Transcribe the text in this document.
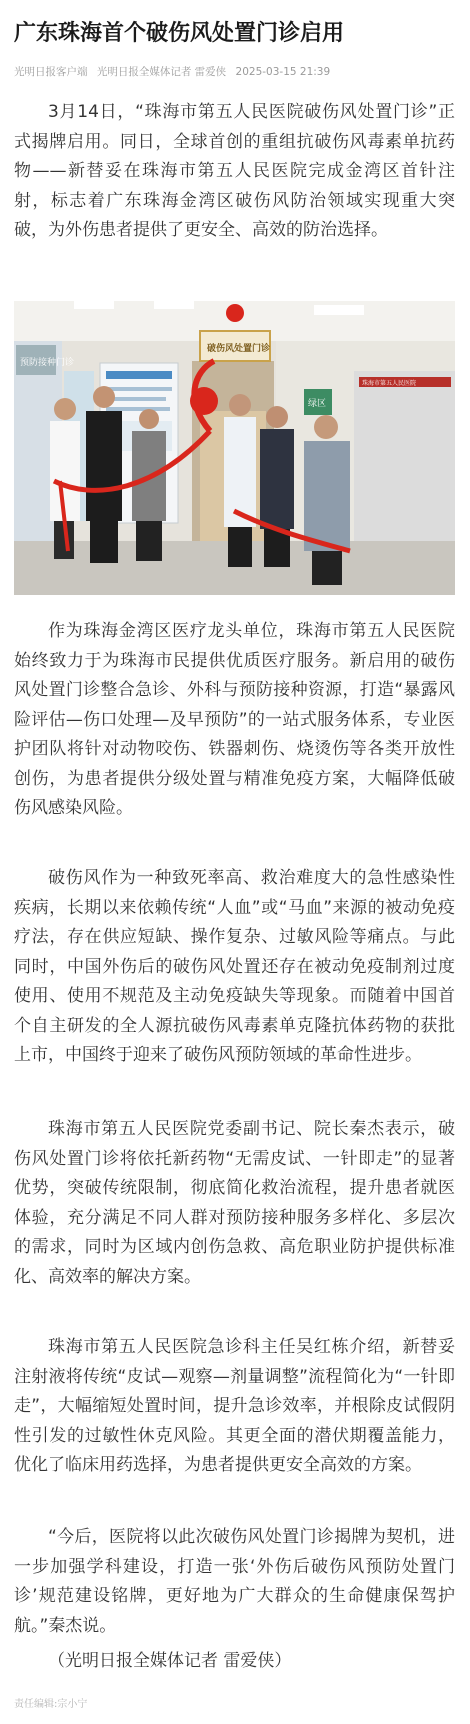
广东珠海首个破伤风处置门诊启用
光明日报客户端 光明日报全媒体记者 雷爱侠 2025-03-15 21:39

3月14日，“珠海市第五人民医院破伤风处置门诊”正式揭牌启用。同日，全球首创的重组抗破伤风毒素单抗药物——新替妥在珠海市第五人民医院完成金湾区首针注射，标志着广东珠海金湾区破伤风防治领域实现重大突破，为外伤患者提供了更安全、高效的防治选择。

预防接种门诊
破伤风处置门诊
绿区
珠海市第五人民医院

作为珠海金湾区医疗龙头单位，珠海市第五人民医院始终致力于为珠海市民提供优质医疗服务。新启用的破伤风处置门诊整合急诊、外科与预防接种资源，打造“暴露风险评估—伤口处理—及早预防”的一站式服务体系，专业医护团队将针对动物咬伤、铁器刺伤、烧烫伤等各类开放性创伤，为患者提供分级处置与精准免疫方案，大幅降低破伤风感染风险。

破伤风作为一种致死率高、救治难度大的急性感染性疾病，长期以来依赖传统“人血”或“马血”来源的被动免疫疗法，存在供应短缺、操作复杂、过敏风险等痛点。与此同时，中国外伤后的破伤风处置还存在被动免疫制剂过度使用、使用不规范及主动免疫缺失等现象。而随着中国首个自主研发的全人源抗破伤风毒素单克隆抗体药物的获批上市，中国终于迎来了破伤风预防领域的革命性进步。

珠海市第五人民医院党委副书记、院长秦杰表示，破伤风处置门诊将依托新药物“无需皮试、一针即走”的显著优势，突破传统限制，彻底简化救治流程，提升患者就医体验，充分满足不同人群对预防接种服务多样化、多层次的需求，同时为区域内创伤急救、高危职业防护提供标准化、高效率的解决方案。

珠海市第五人民医院急诊科主任吴红栋介绍，新替妥注射液将传统“皮试—观察—剂量调整”流程简化为“一针即走”，大幅缩短处置时间，提升急诊效率，并根除皮试假阴性引发的过敏性休克风险。其更全面的潜伏期覆盖能力，优化了临床用药选择，为患者提供更安全高效的方案。

“今后，医院将以此次破伤风处置门诊揭牌为契机，进一步加强学科建设，打造一张‘外伤后破伤风预防处置门诊’规范建设铭牌，更好地为广大群众的生命健康保驾护航。”秦杰说。

（光明日报全媒体记者 雷爱侠）

责任编辑:宗小宁
